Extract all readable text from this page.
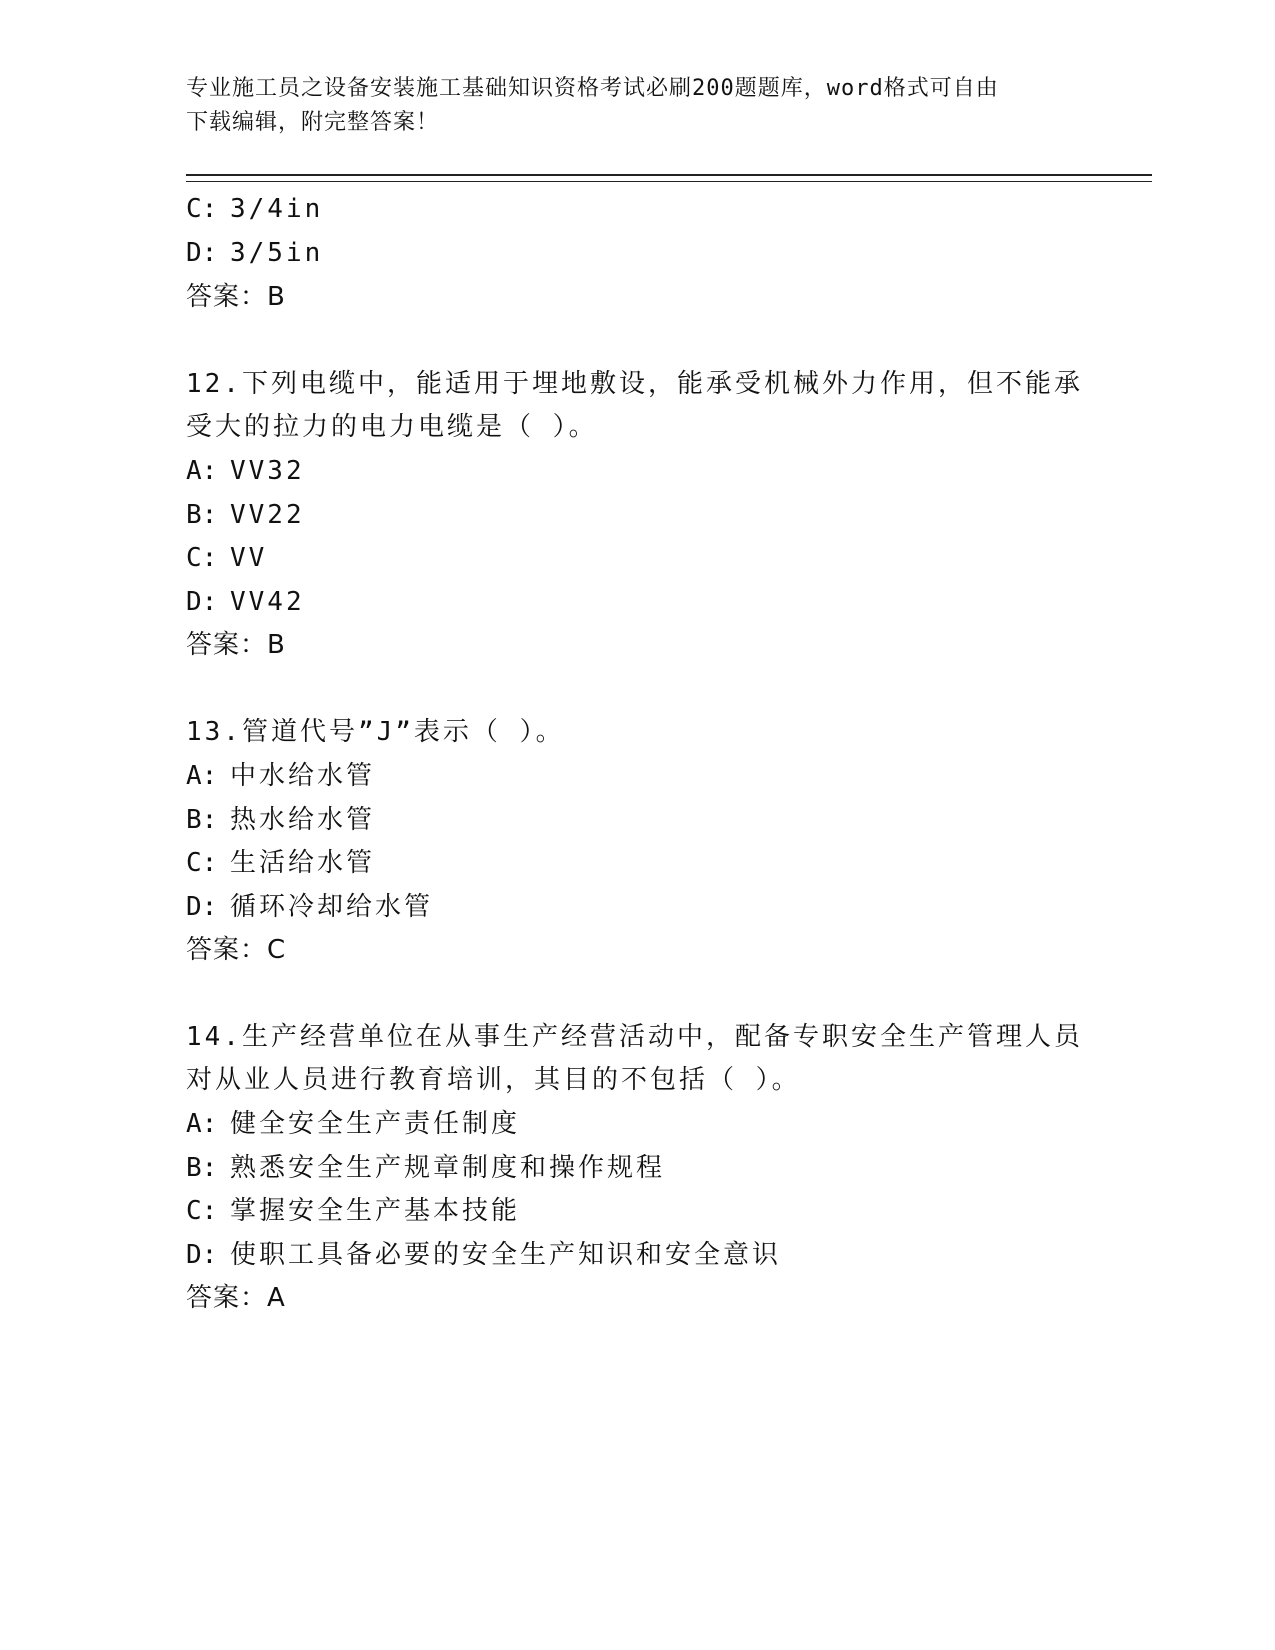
专业施工员之设备安装施工基础知识资格考试必刷200题题库，word格式可自由
下载编辑，附完整答案！
C: 3/4in
D: 3/5in
答案：B
12.下列电缆中，能适用于埋地敷设，能承受机械外力作用，但不能承
受大的拉力的电力电缆是（ ）。
A: VV32
B: VV22
C: VV
D: VV42
答案：B
13.管道代号”J”表示（ ）。
A: 中水给水管
B: 热水给水管
C: 生活给水管
D: 循环冷却给水管
答案：C
14.生产经营单位在从事生产经营活动中，配备专职安全生产管理人员
对从业人员进行教育培训，其目的不包括（ ）。
A: 健全安全生产责任制度
B: 熟悉安全生产规章制度和操作规程
C: 掌握安全生产基本技能
D: 使职工具备必要的安全生产知识和安全意识
答案：A
